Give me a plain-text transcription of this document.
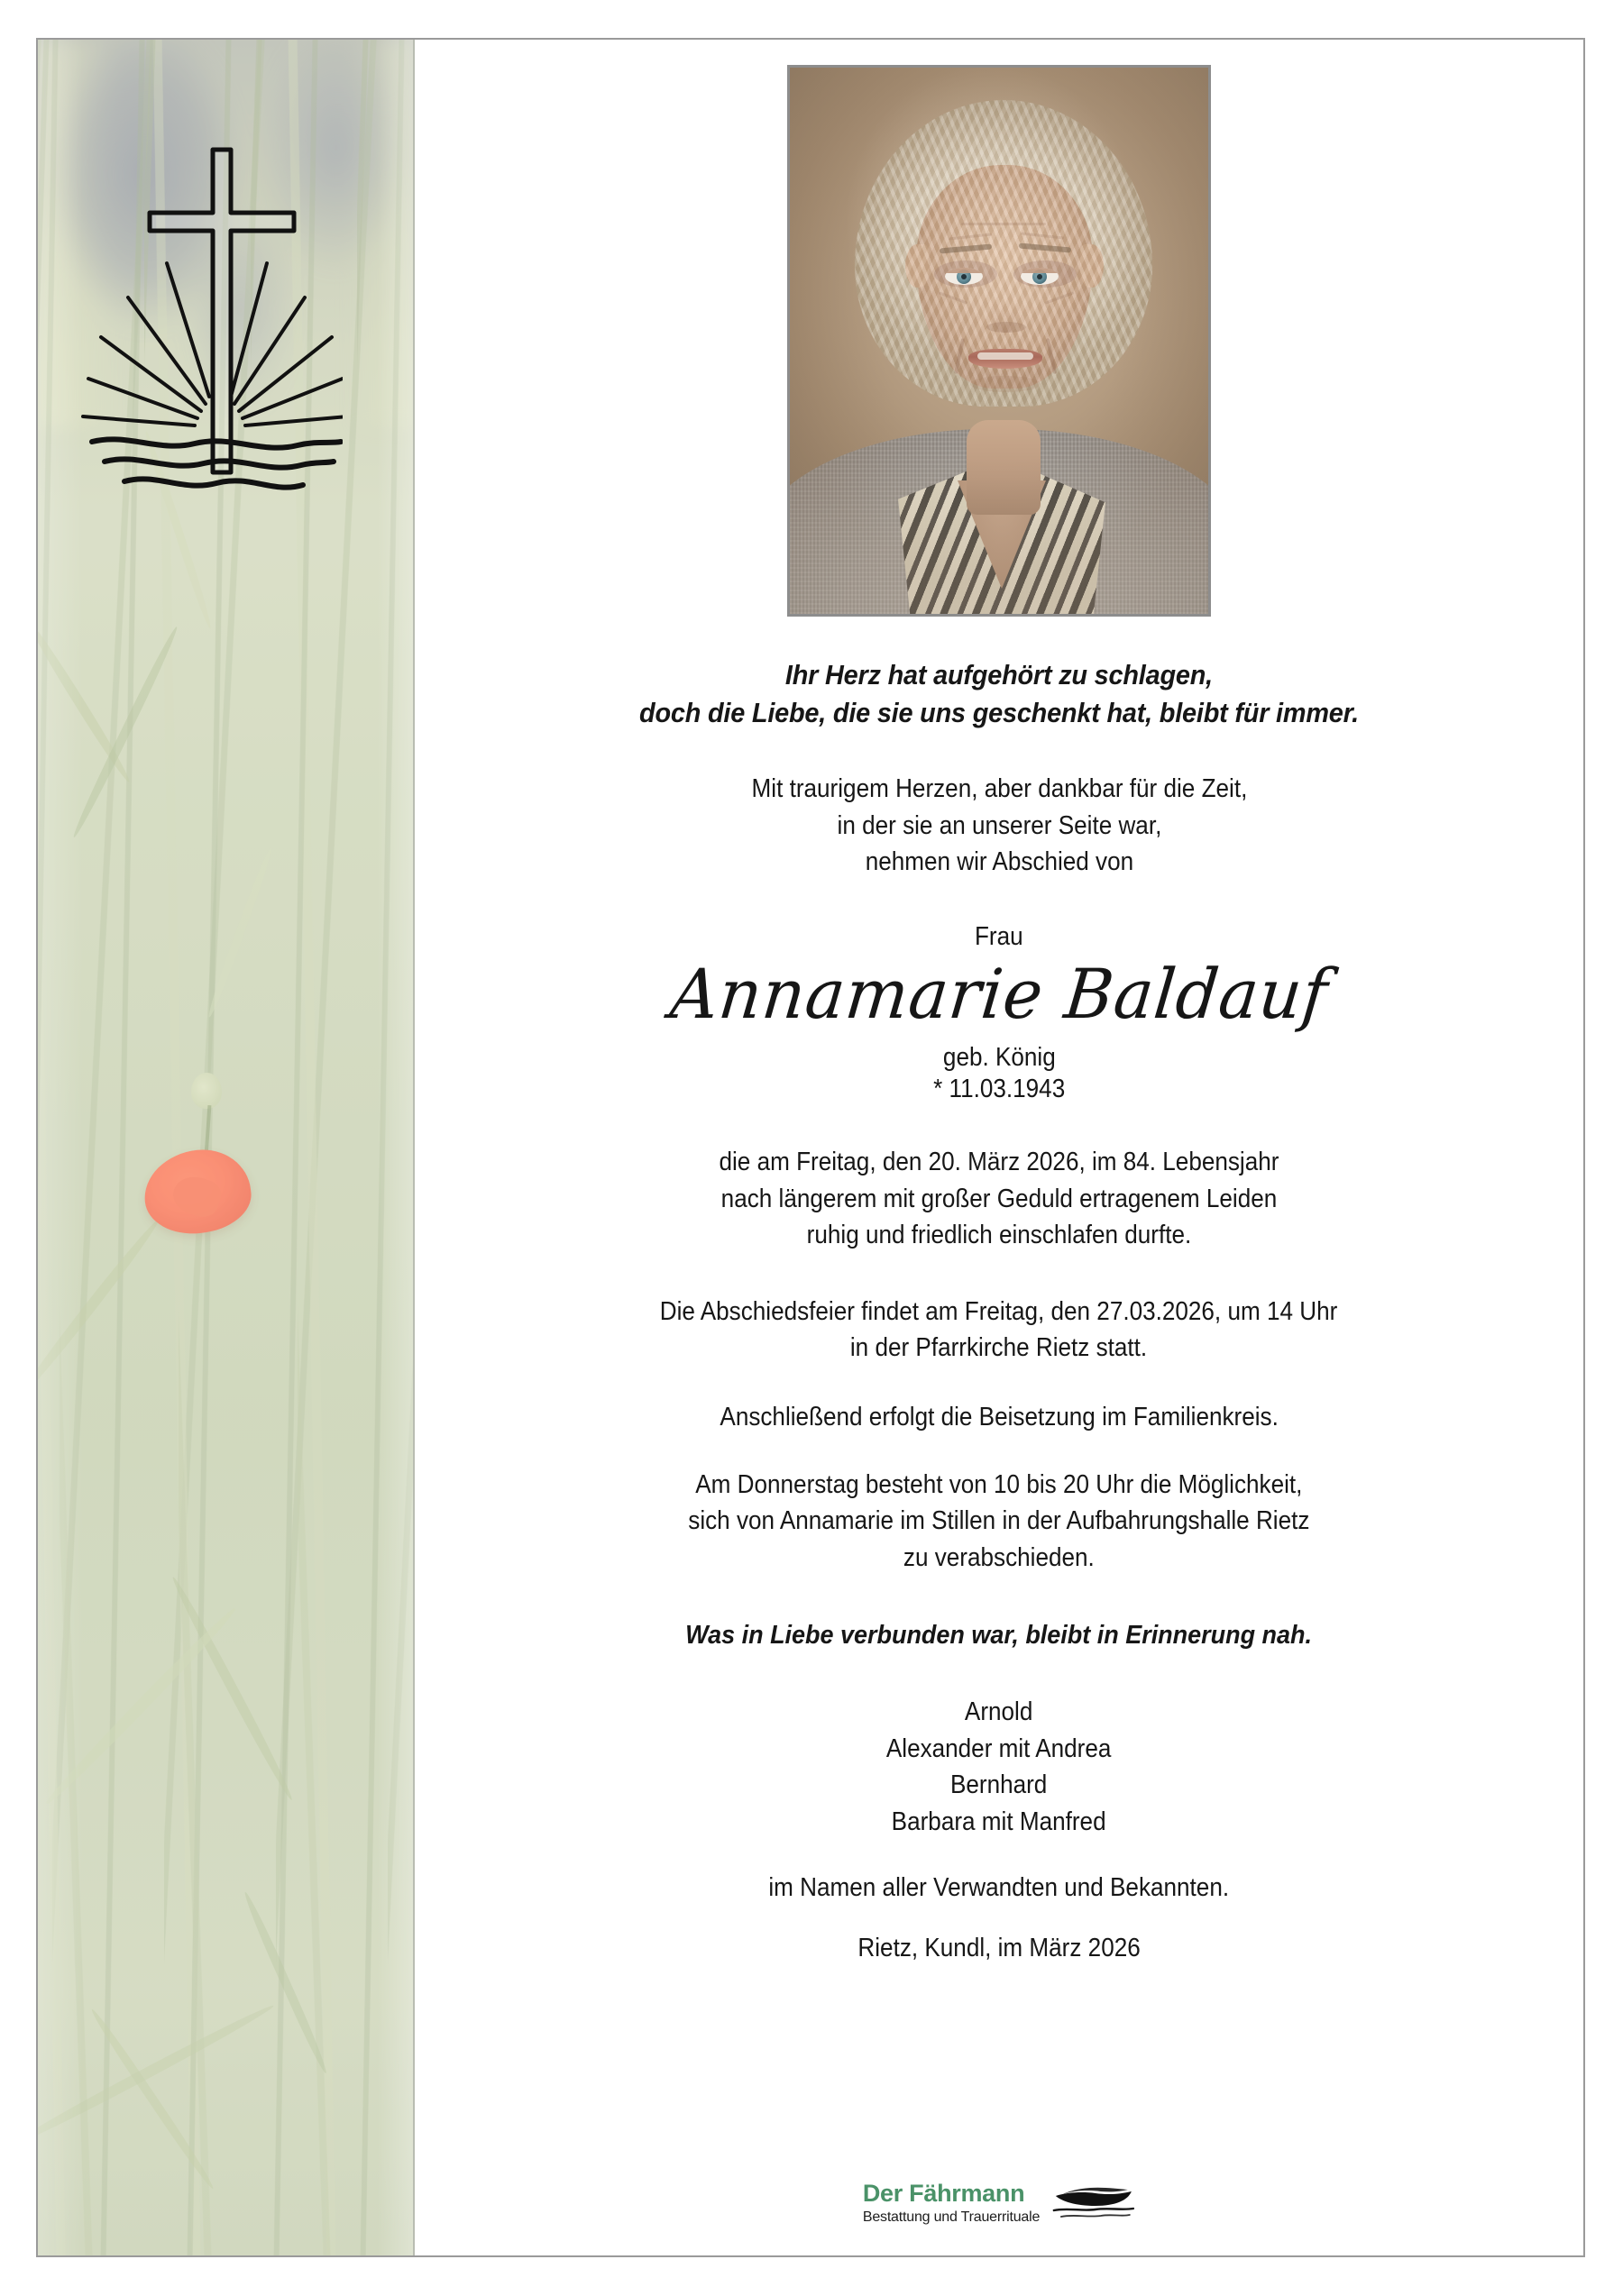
Ihr Herz hat aufgehört zu schlagen,
doch die Liebe, die sie uns geschenkt hat, bleibt für immer.
Mit traurigem Herzen, aber dankbar für die Zeit,
in der sie an unserer Seite war,
nehmen wir Abschied von
Frau
Annamarie Baldauf
geb. König
* 11.03.1943
die am Freitag, den 20. März 2026, im 84. Lebensjahr
nach längerem mit großer Geduld ertragenem Leiden
ruhig und friedlich einschlafen durfte.
Die Abschiedsfeier findet am Freitag, den 27.03.2026, um 14 Uhr
in der Pfarrkirche Rietz statt.
Anschließend erfolgt die Beisetzung im Familienkreis.
Am Donnerstag besteht von 10 bis 20 Uhr die Möglichkeit,
sich von Annamarie im Stillen in der Aufbahrungshalle Rietz
zu verabschieden.
Was in Liebe verbunden war, bleibt in Erinnerung nah.
Arnold
Alexander mit Andrea
Bernhard
Barbara mit Manfred
im Namen aller Verwandten und Bekannten.
Rietz, Kundl, im März 2026
Der Fährmann
Bestattung und Trauerrituale
